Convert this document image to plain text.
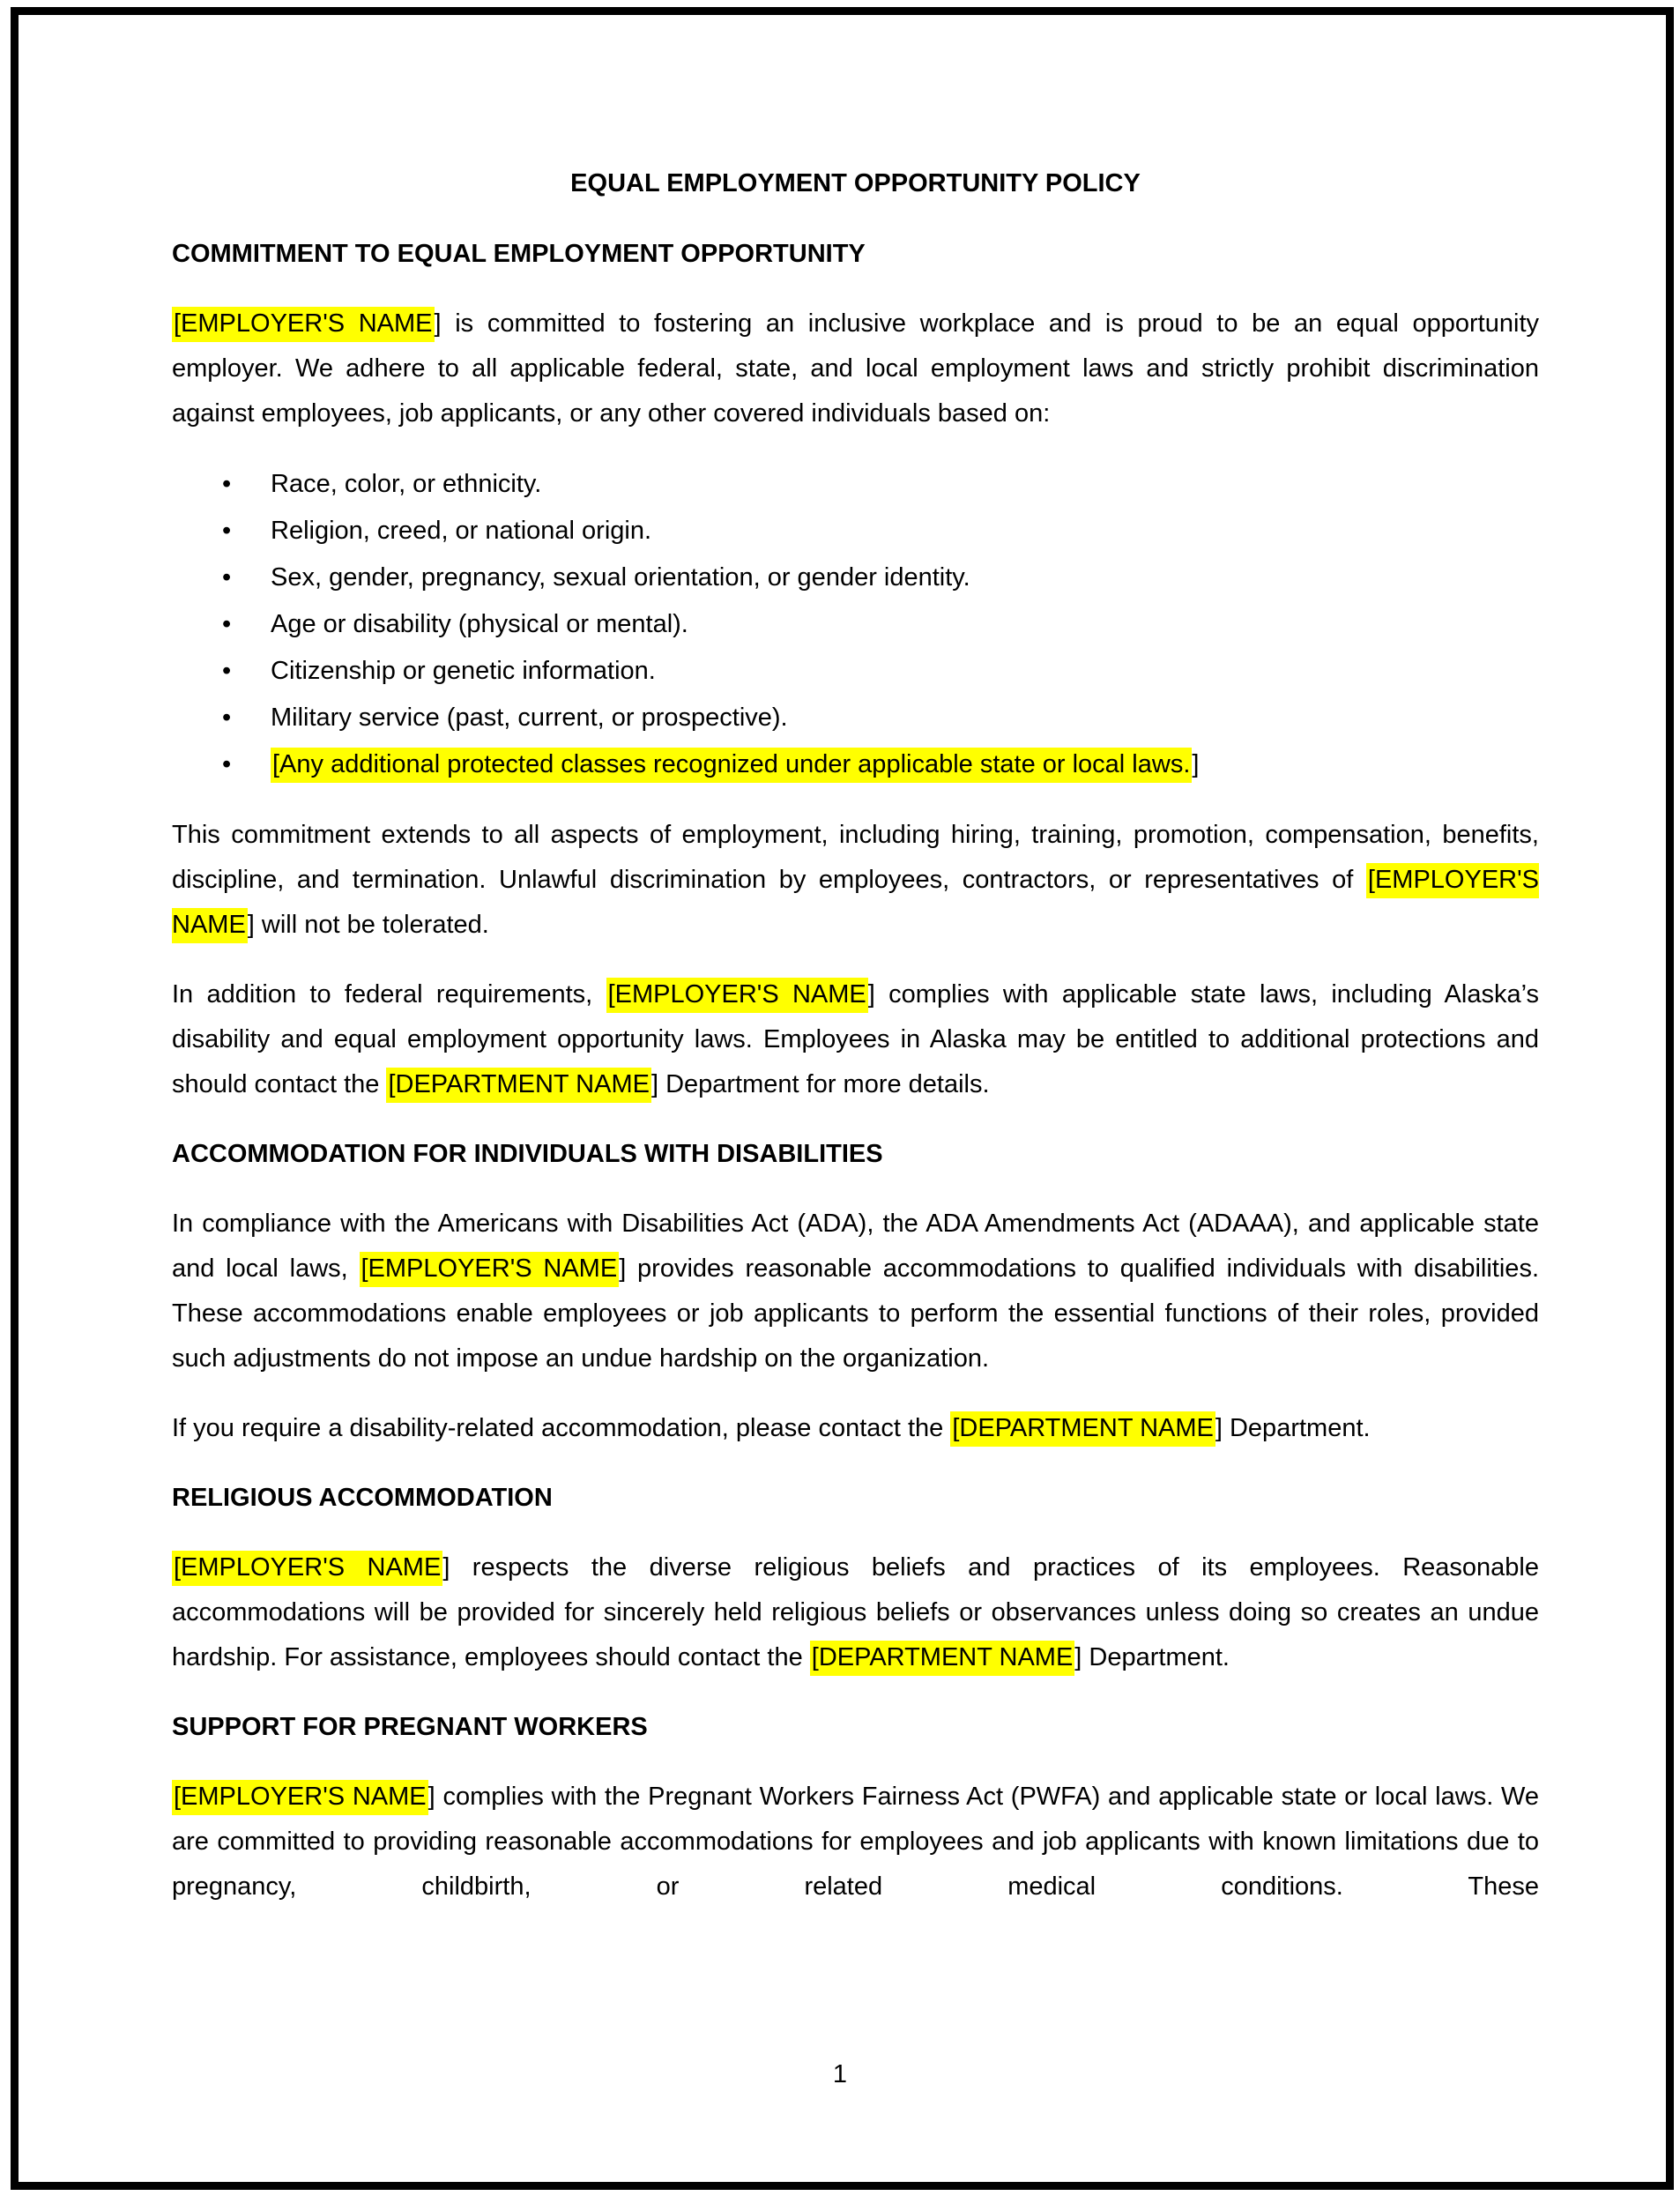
EQUAL EMPLOYMENT OPPORTUNITY POLICY
COMMITMENT TO EQUAL EMPLOYMENT OPPORTUNITY

[EMPLOYER'S NAME] is committed to fostering an inclusive workplace and is proud to be an equal opportunity employer. We adhere to all applicable federal, state, and local employment laws and strictly prohibit discrimination against employees, job applicants, or any other covered individuals based on:

• Race, color, or ethnicity.
• Religion, creed, or national origin.
• Sex, gender, pregnancy, sexual orientation, or gender identity.
• Age or disability (physical or mental).
• Citizenship or genetic information.
• Military service (past, current, or prospective).
• [Any additional protected classes recognized under applicable state or local laws.]

This commitment extends to all aspects of employment, including hiring, training, promotion, compensation, benefits, discipline, and termination. Unlawful discrimination by employees, contractors, or representatives of [EMPLOYER'S NAME] will not be tolerated.

In addition to federal requirements, [EMPLOYER'S NAME] complies with applicable state laws, including Alaska’s disability and equal employment opportunity laws. Employees in Alaska may be entitled to additional protections and should contact the [DEPARTMENT NAME] Department for more details.

ACCOMMODATION FOR INDIVIDUALS WITH DISABILITIES

In compliance with the Americans with Disabilities Act (ADA), the ADA Amendments Act (ADAAA), and applicable state and local laws, [EMPLOYER'S NAME] provides reasonable accommodations to qualified individuals with disabilities. These accommodations enable employees or job applicants to perform the essential functions of their roles, provided such adjustments do not impose an undue hardship on the organization.

If you require a disability-related accommodation, please contact the [DEPARTMENT NAME] Department.

RELIGIOUS ACCOMMODATION

[EMPLOYER'S NAME] respects the diverse religious beliefs and practices of its employees. Reasonable accommodations will be provided for sincerely held religious beliefs or observances unless doing so creates an undue hardship. For assistance, employees should contact the [DEPARTMENT NAME] Department.

SUPPORT FOR PREGNANT WORKERS

[EMPLOYER'S NAME] complies with the Pregnant Workers Fairness Act (PWFA) and applicable state or local laws. We are committed to providing reasonable accommodations for employees and job applicants with known limitations due to pregnancy, childbirth, or related medical conditions. These

1
